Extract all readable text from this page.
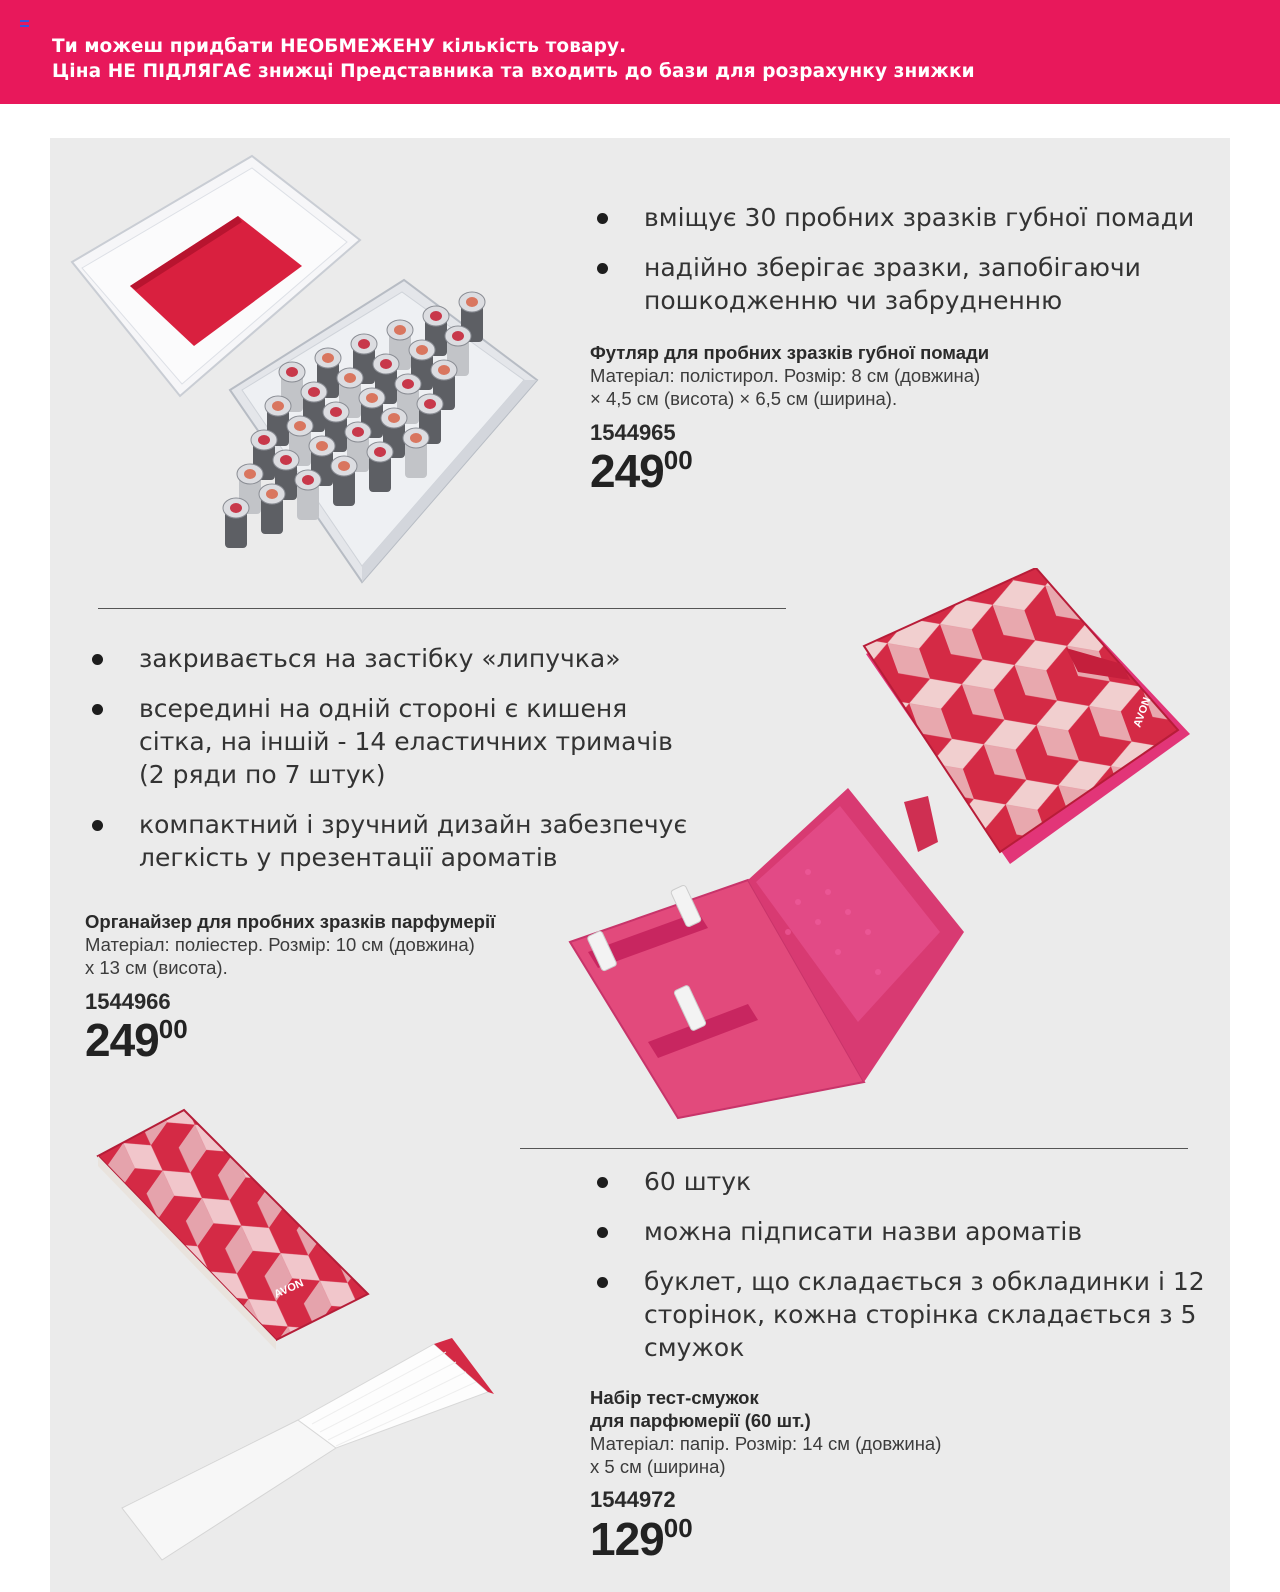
Ти можеш придбати НЕОБМЕЖЕНУ кількість товару.
Ціна НЕ ПІДЛЯГАЄ знижці Представника та входить до бази для розрахунку знижки
вміщує 30 пробних зразків губної помади
надійно зберігає зразки, запобігаючи пошкодженню чи забрудненню
Футляр для пробних зразків губної помади
Матеріал: полістирол. Розмір: 8 см (довжина)
× 4,5 см (висота) × 6,5 см (ширина).
1544965
$249^{00}$
закривається на застібку «липучка»
всередині на одній стороні є кишеня сітка, на іншій - 14 еластичних тримачів (2 ряди по 7 штук)
компактний і зручний дизайн забезпечує легкість у презентації ароматів
Органайзер для пробних зразків парфумерії
Матеріал: поліестер. Розмір: 10 см (довжина)
x 13 см (висота).
1544966
$249^{00}$
AVON
AVON
60 штук
можна підписати назви ароматів
буклет, що складається з обкладинки і 12 сторінок, кожна сторінка складається з 5 смужок
Набір тест-смужок
для парфюмерії (60 шт.)
Матеріал: папір. Розмір: 14 см (довжина)
x 5 см (ширина)
1544972
$129^{00}$
